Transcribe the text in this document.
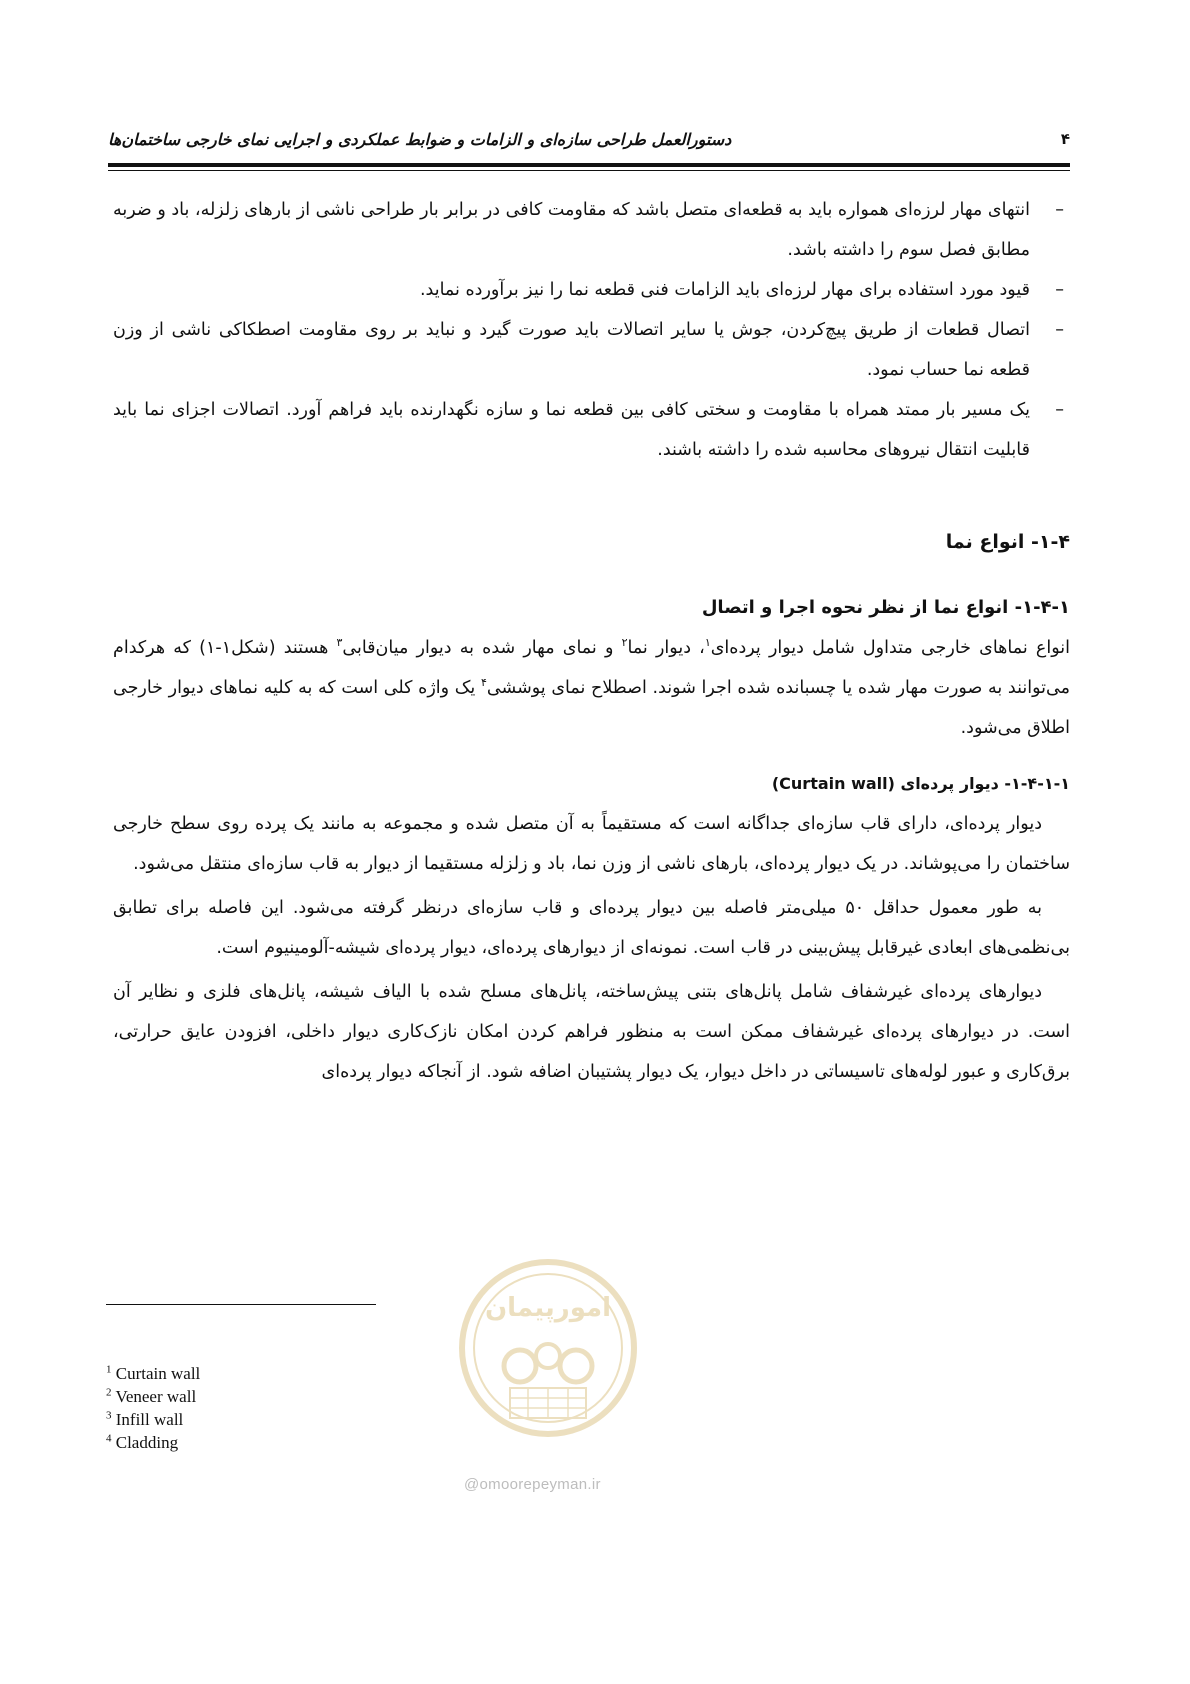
دستورالعمل طراحی سازه‌ای و الزامات و ضوابط عملکردی و اجرایی نمای خارجی ساختمان‌ها	۴
–
انتهای مهار لرزه‌ای همواره باید به قطعه‌ای متصل باشد که مقاومت کافی در برابر بار طراحی ناشی از بارهای زلزله، باد و ضربه مطابق فصل سوم را داشته باشد.
–
قیود مورد استفاده برای مهار لرزه‌ای باید الزامات فنی قطعه نما را نیز برآورده نماید.
–
اتصال قطعات از طریق پیچ‌کردن، جوش یا سایر اتصالات باید صورت گیرد و نباید بر روی مقاومت اصطکاکی ناشی از وزن قطعه نما حساب نمود.
–
یک مسیر بار ممتد همراه با مقاومت و سختی کافی بین قطعه نما و سازه نگهدارنده باید فراهم آورد. اتصالات اجزای نما باید قابلیت انتقال نیروهای محاسبه شده را داشته باشند.
۱-۴- انواع نما
۱-۴-۱- انواع نما از نظر نحوه اجرا و اتصال

انواع نماهای خارجی متداول شامل دیوار پرده‌ای$^۱$، دیوار نما$^۲$ و نمای مهار شده به دیوار میان‌قابی$^۳$ هستند (شکل۱-۱) که هرکدام می‌توانند به صورت مهار شده یا چسبانده شده اجرا شوند. اصطلاح نمای پوششی$^۴$ یک واژه کلی است که به کلیه نماهای دیوار خارجی اطلاق می‌شود.

۱-۴-۱-۱- دیوار پرده‌ای (Curtain wall)

دیوار پرده‌ای، دارای قاب سازه‌ای جداگانه است که مستقیماً به آن متصل شده و مجموعه به مانند یک پرده روی سطح خارجی ساختمان را می‌پوشاند. در یک دیوار پرده‌ای، بارهای ناشی از وزن نما، باد و زلزله مستقیما از دیوار به قاب سازه‌ای منتقل می‌شود.

به طور معمول حداقل ۵۰ میلی‌متر فاصله بین دیوار پرده‌ای و قاب سازه‌ای درنظر گرفته می‌شود. این فاصله برای تطابق بی‌نظمی‌های ابعادی غیرقابل پیش‌بینی در قاب است. نمونه‌ای از دیوارهای پرده‌ای، دیوار پرده‌ای شیشه-آلومینیوم است.

دیوارهای پرده‌ای غیرشفاف شامل پانل‌های بتنی پیش‌ساخته، پانل‌های مسلح شده با الیاف شیشه، پانل‌های فلزی و نظایر آن است. در دیوارهای پرده‌ای غیرشفاف ممکن است به منظور فراهم کردن امکان نازک‌کاری دیوار داخلی، افزودن عایق حرارتی، برق‌کاری و عبور لوله‌های تاسیساتی در داخل دیوار، یک دیوار پشتیبان اضافه شود. از آنجاکه دیوار پرده‌ای

امورپیمان
@omoorepeyman.ir
$^1$ Curtain wall
$^2$ Veneer wall
$^3$ Infill wall
$^4$ Cladding
